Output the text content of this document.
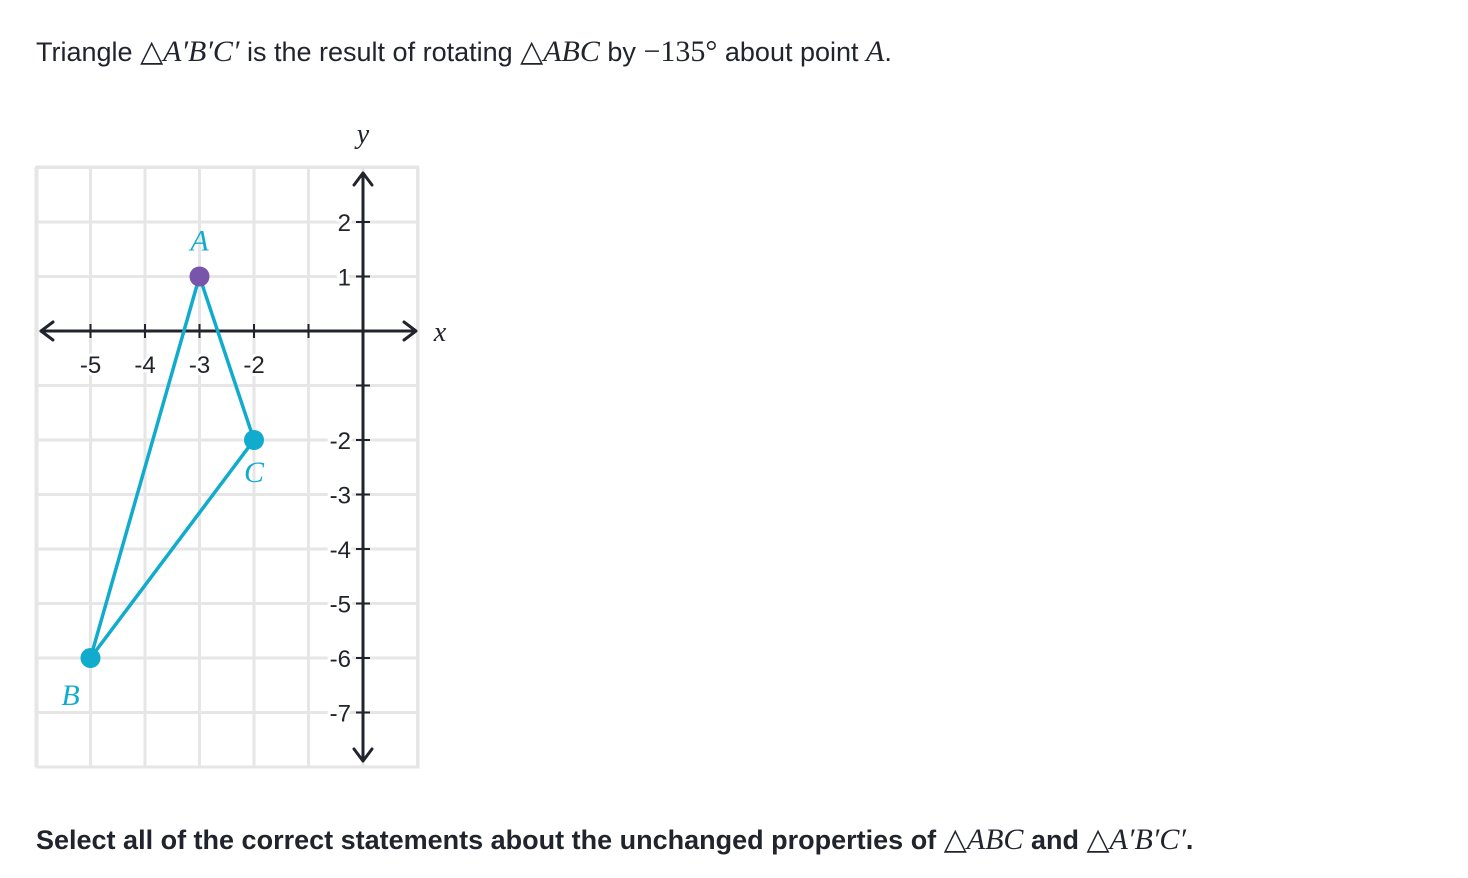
Triangle △A′B′C′ is the result of rotating △ABC by −135° about point A.
-5 -4 -3 -2
2
1
-2
-3
-4
-5
-6
-7
x
y
A
B
C
Select all of the correct statements about the unchanged properties of △ABC and △A′B′C′.
